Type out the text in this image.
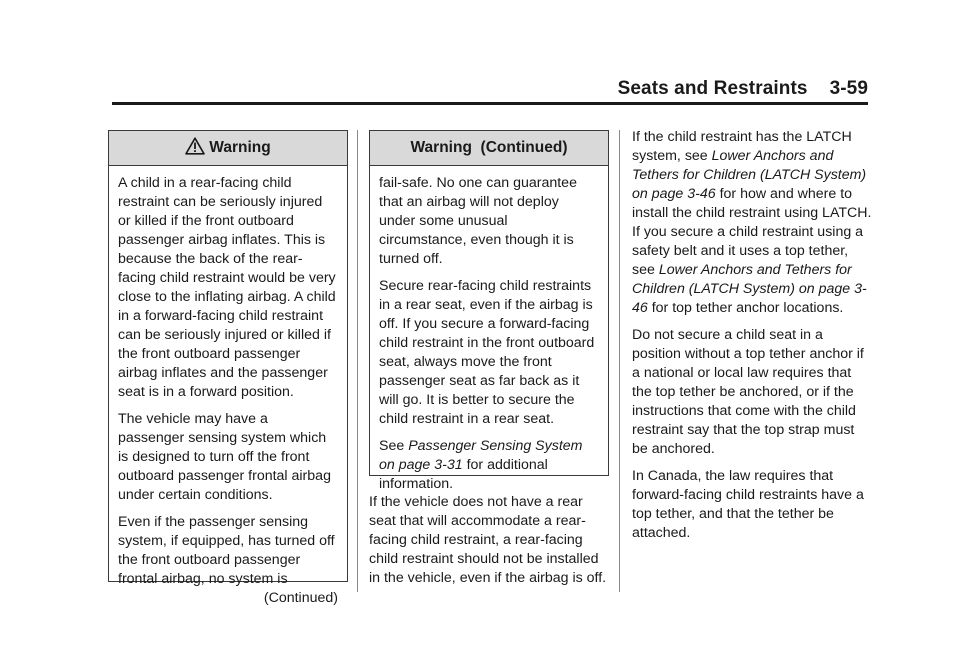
Seats and Restraints 3-59
Warning

A child in a rear-facing child restraint can be seriously injured or killed if the front outboard passenger airbag inflates. This is because the back of the rear-facing child restraint would be very close to the inflating airbag. A child in a forward-facing child restraint can be seriously injured or killed if the front outboard passenger airbag inflates and the passenger seat is in a forward position.

The vehicle may have a passenger sensing system which is designed to turn off the front outboard passenger frontal airbag under certain conditions.

Even if the passenger sensing system, if equipped, has turned off the front outboard passenger frontal airbag, no system is

(Continued)
Warning  (Continued)

fail-safe. No one can guarantee that an airbag will not deploy under some unusual circumstance, even though it is turned off.

Secure rear-facing child restraints in a rear seat, even if the airbag is off. If you secure a forward-facing child restraint in the front outboard seat, always move the front passenger seat as far back as it will go. It is better to secure the child restraint in a rear seat.

See Passenger Sensing System on page 3-31 for additional information.

If the vehicle does not have a rear seat that will accommodate a rear-facing child restraint, a rear-facing child restraint should not be installed in the vehicle, even if the airbag is off.

If the child restraint has the LATCH system, see Lower Anchors and Tethers for Children (LATCH System) on page 3-46 for how and where to install the child restraint using LATCH. If you secure a child restraint using a safety belt and it uses a top tether, see Lower Anchors and Tethers for Children (LATCH System) on page 3-46 for top tether anchor locations.

Do not secure a child seat in a position without a top tether anchor if a national or local law requires that the top tether be anchored, or if the instructions that come with the child restraint say that the top strap must be anchored.

In Canada, the law requires that forward-facing child restraints have a top tether, and that the tether be attached.
